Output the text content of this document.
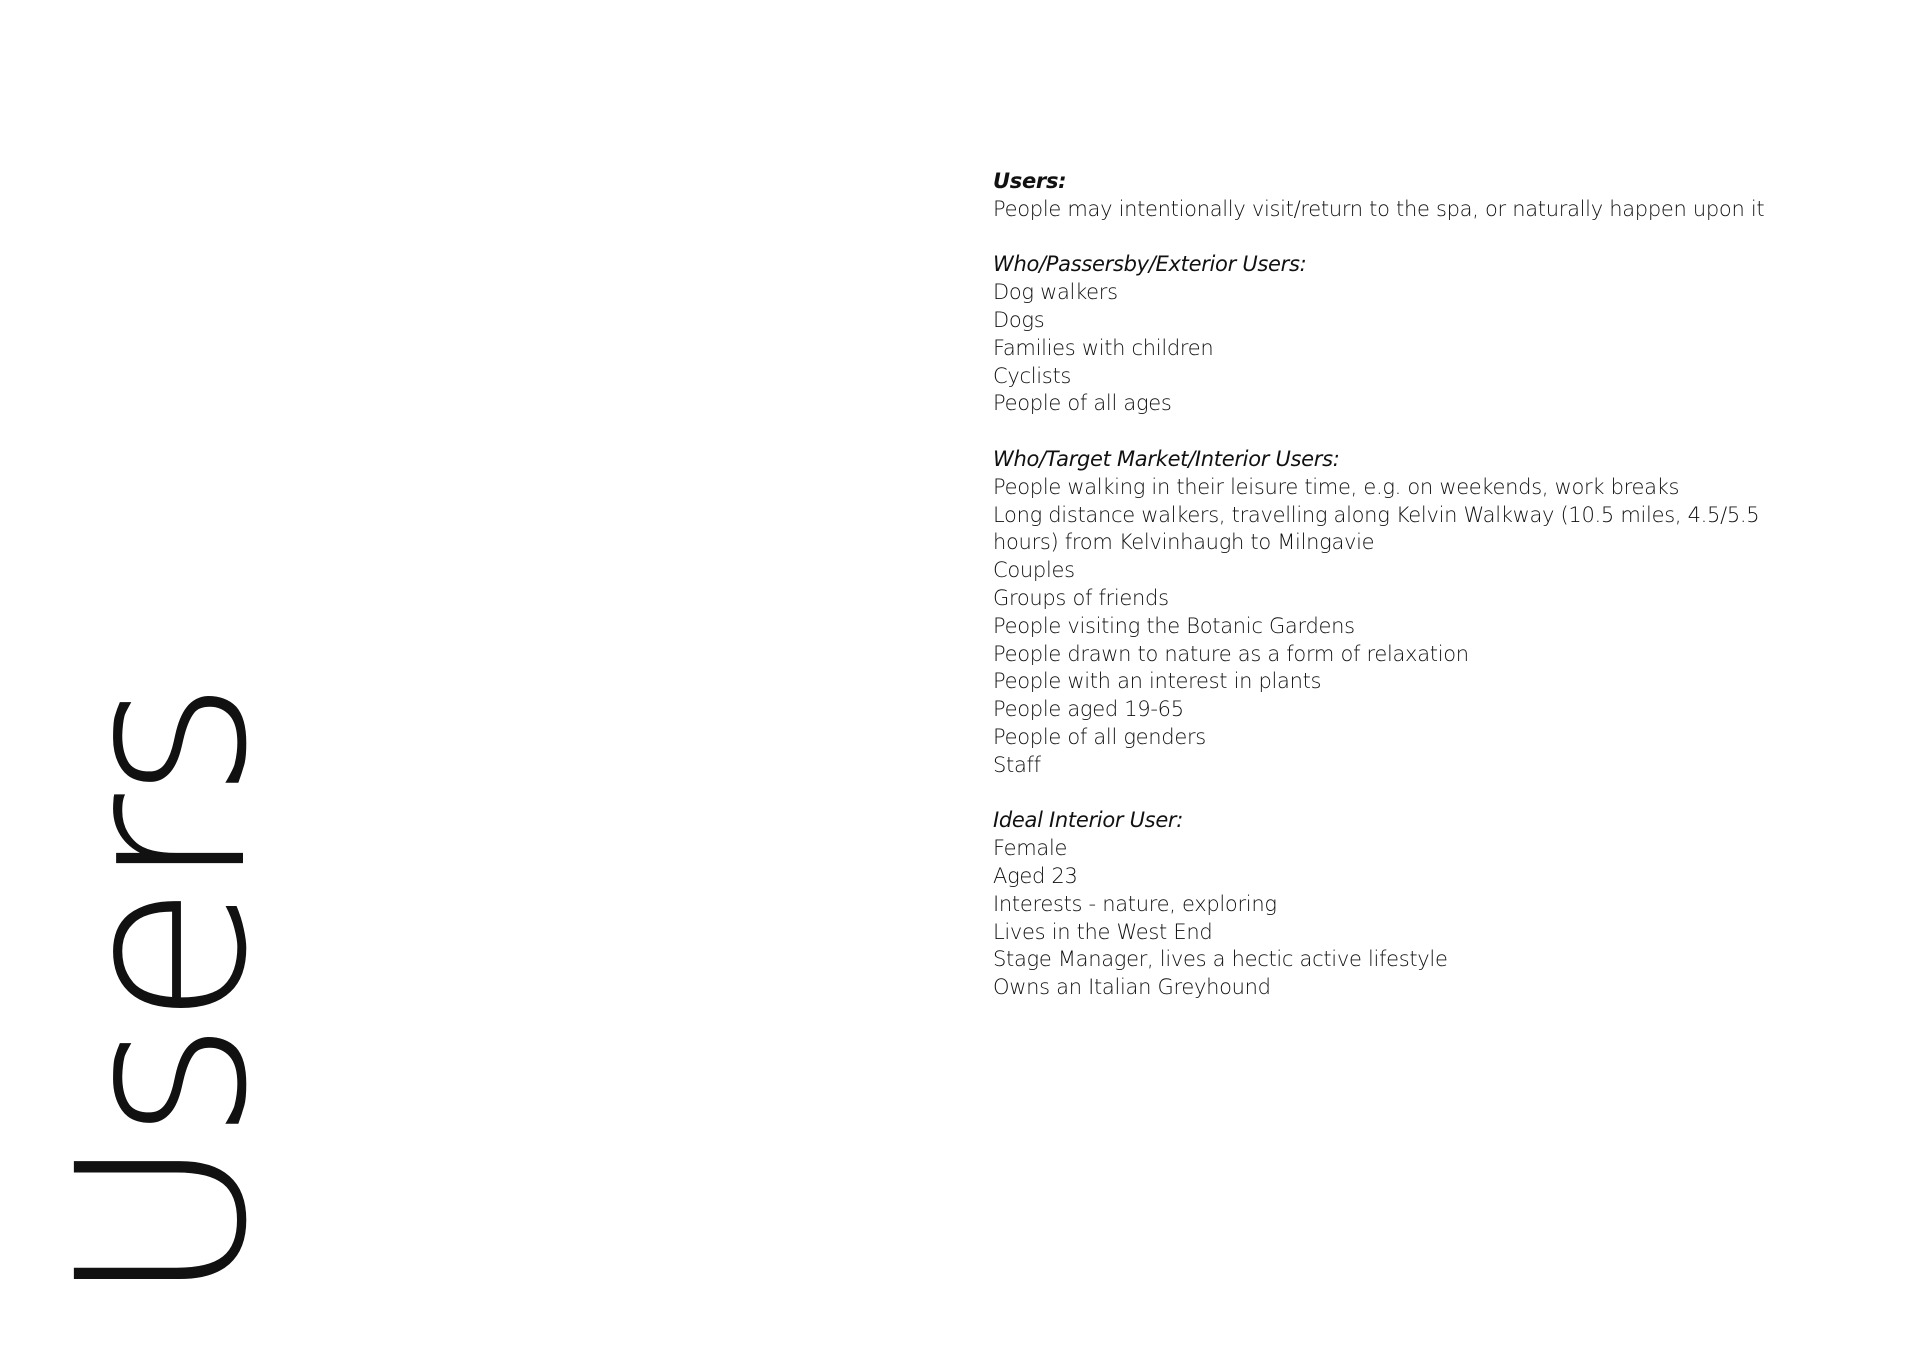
Users
Users:
People may intentionally visit/return to the spa, or naturally happen upon it
Who/Passersby/Exterior Users:
Dog walkers
Dogs
Families with children
Cyclists
People of all ages
Who/Target Market/Interior Users:
People walking in their leisure time, e.g. on weekends, work breaks
Long distance walkers, travelling along Kelvin Walkway (10.5 miles, 4.5/5.5 hours) from Kelvinhaugh to Milngavie
Couples
Groups of friends
People visiting the Botanic Gardens
People drawn to nature as a form of relaxation
People with an interest in plants
People aged 19-65
People of all genders
Staff
Ideal Interior User:
Female
Aged 23
Interests - nature, exploring
Lives in the West End
Stage Manager, lives a hectic active lifestyle
Owns an Italian Greyhound
